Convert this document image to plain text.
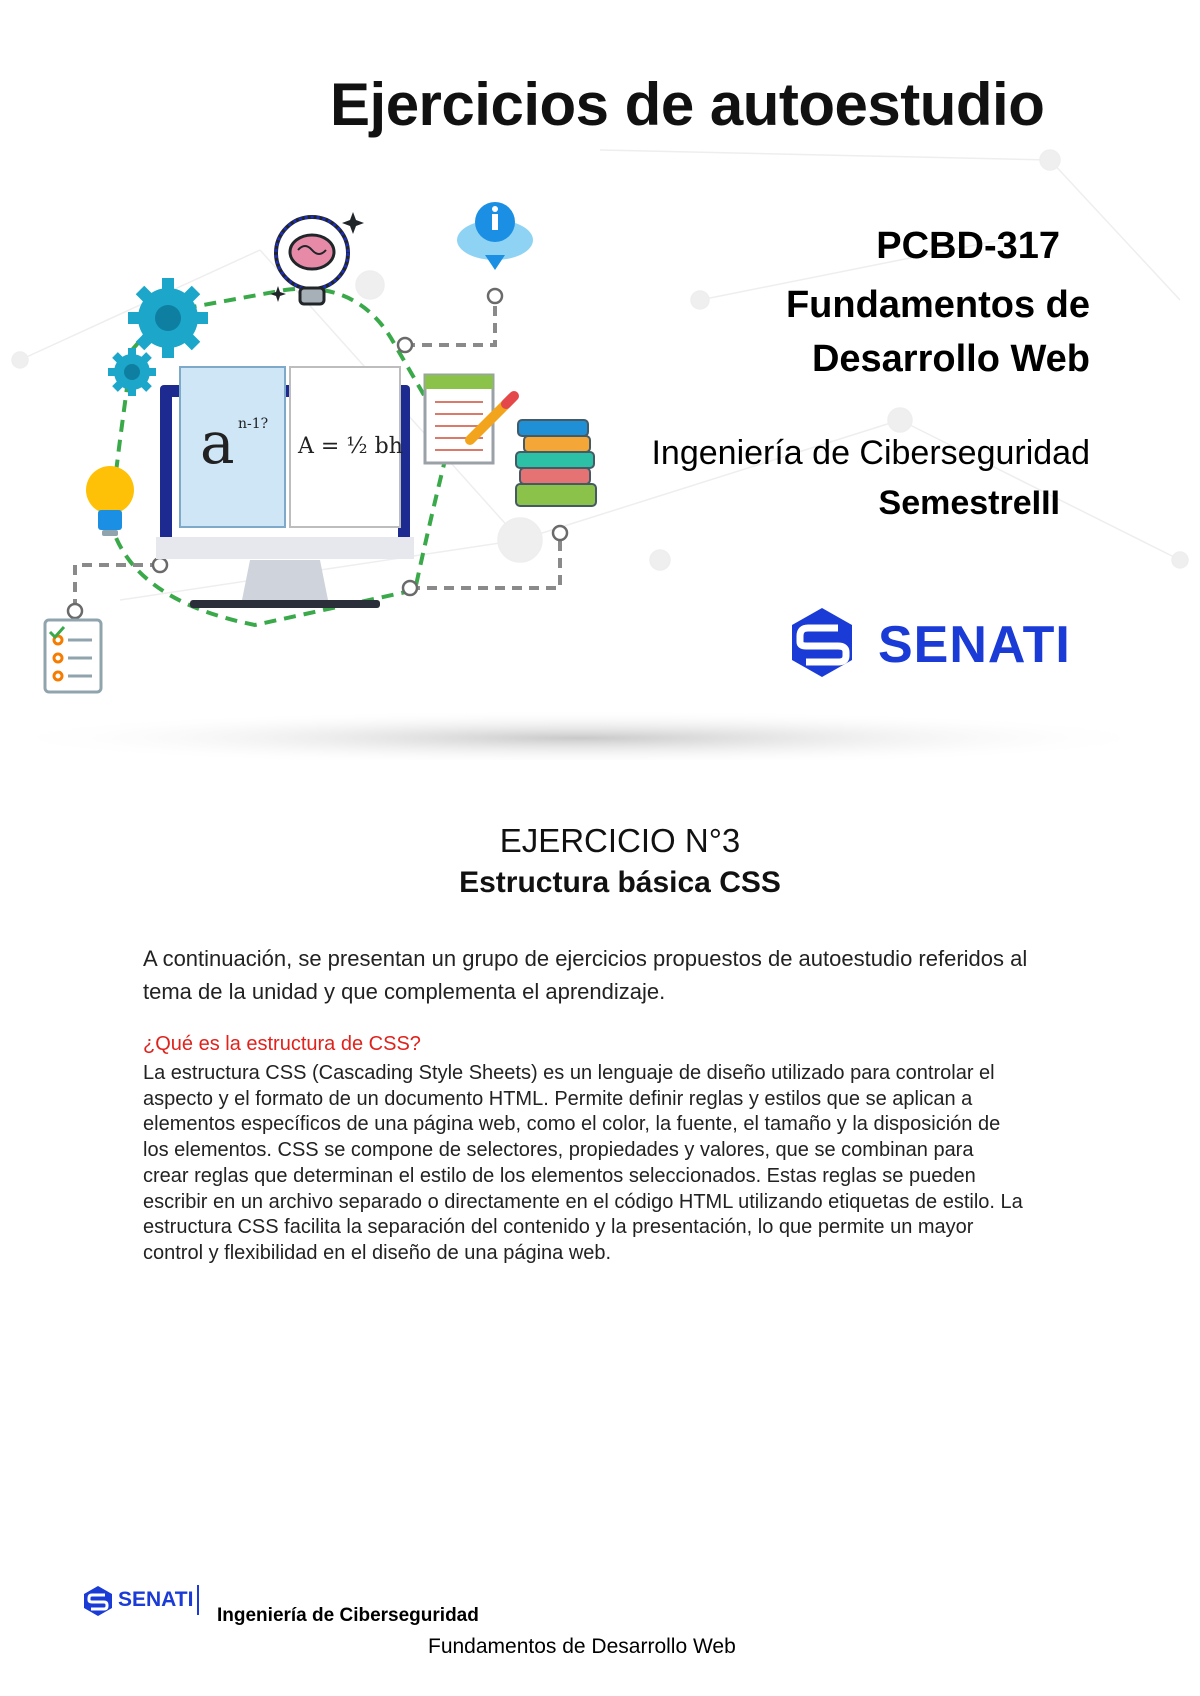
a n-1?
A = ½ bh
Ejercicios de autoestudio
PCBD-317
Fundamentos de
Desarrollo Web
Ingeniería de Ciberseguridad
SemestreIII
SENATI
EJERCICIO N°3
Estructura básica CSS
A continuación, se presentan un grupo de ejercicios propuestos de autoestudio referidos al tema de la unidad y que complementa el aprendizaje.
¿Qué es la estructura de CSS?
La estructura CSS (Cascading Style Sheets) es un lenguaje de diseño utilizado para controlar el aspecto y el formato de un documento HTML. Permite definir reglas y estilos que se aplican a elementos específicos de una página web, como el color, la fuente, el tamaño y la disposición de los elementos. CSS se compone de selectores, propiedades y valores, que se combinan para crear reglas que determinan el estilo de los elementos seleccionados. Estas reglas se pueden escribir en un archivo separado o directamente en el código HTML utilizando etiquetas de estilo. La estructura CSS facilita la separación del contenido y la presentación, lo que permite un mayor control y flexibilidad en el diseño de una página web.
SENATI
Ingeniería de Ciberseguridad
Fundamentos de Desarrollo Web
